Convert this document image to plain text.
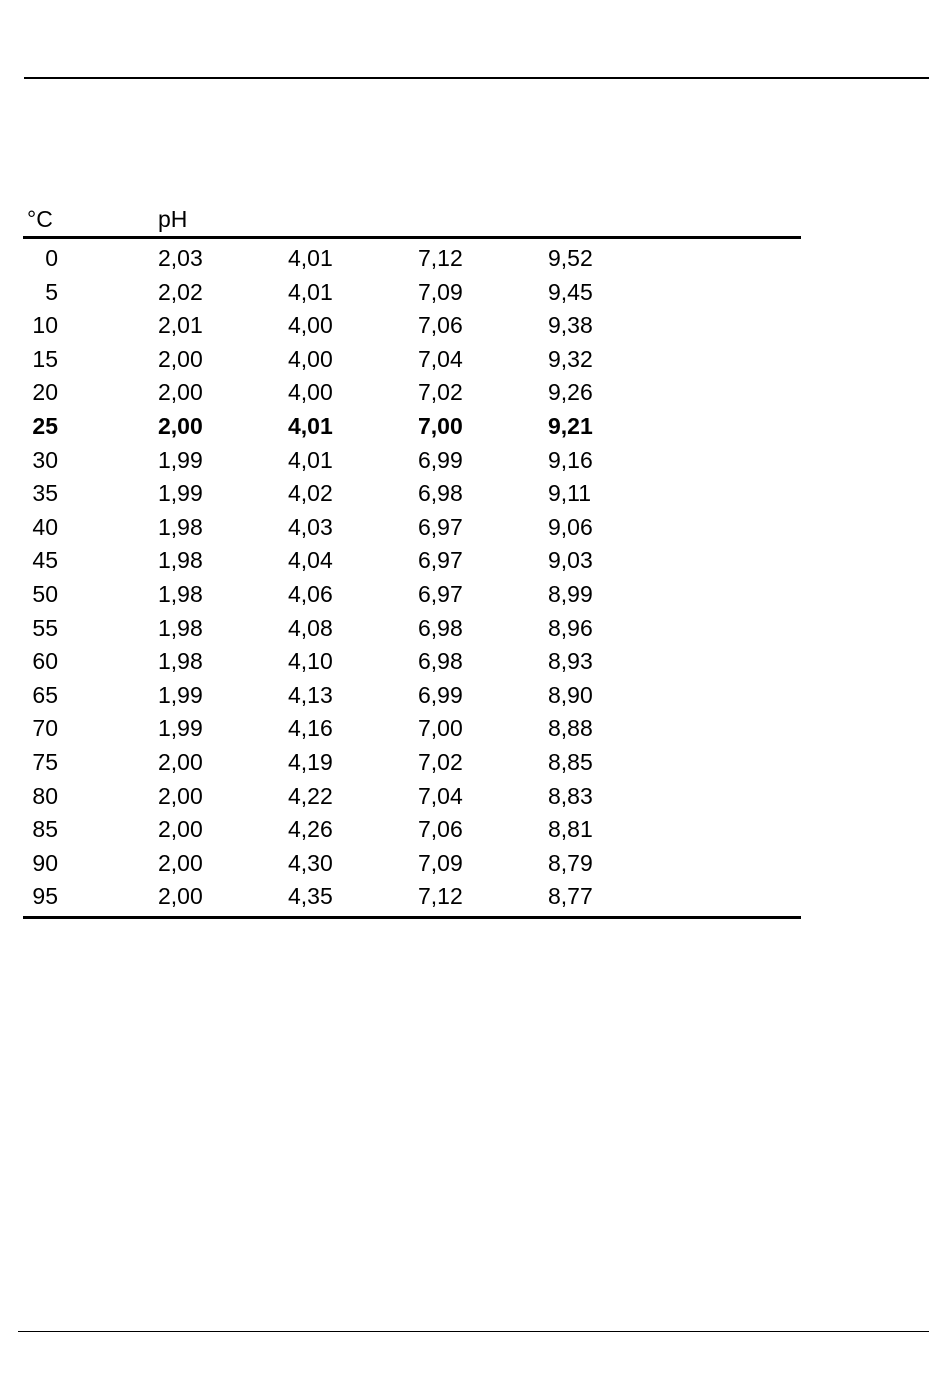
°C	pH
0	2,03	4,01	7,12	9,52
5	2,02	4,01	7,09	9,45
10	2,01	4,00	7,06	9,38
15	2,00	4,00	7,04	9,32
20	2,00	4,00	7,02	9,26
25	2,00	4,01	7,00	9,21
30	1,99	4,01	6,99	9,16
35	1,99	4,02	6,98	9,11
40	1,98	4,03	6,97	9,06
45	1,98	4,04	6,97	9,03
50	1,98	4,06	6,97	8,99
55	1,98	4,08	6,98	8,96
60	1,98	4,10	6,98	8,93
65	1,99	4,13	6,99	8,90
70	1,99	4,16	7,00	8,88
75	2,00	4,19	7,02	8,85
80	2,00	4,22	7,04	8,83
85	2,00	4,26	7,06	8,81
90	2,00	4,30	7,09	8,79
95	2,00	4,35	7,12	8,77
